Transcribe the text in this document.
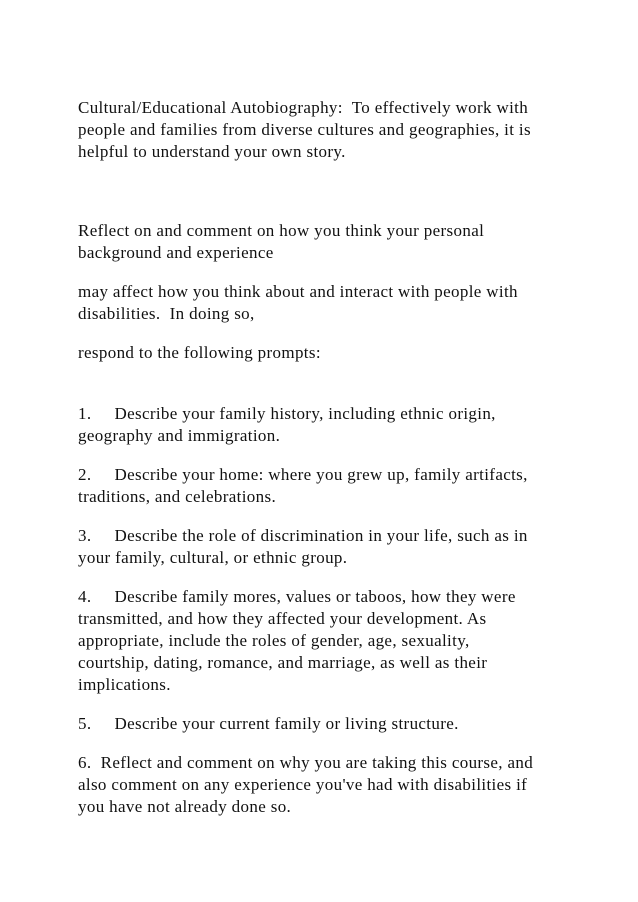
Cultural/Educational Autobiography:  To effectively work with

people and families from diverse cultures and geographies, it is

helpful to understand your own story.

Reflect on and comment on how you think your personal

background and experience

may affect how you think about and interact with people with

disabilities.  In doing so,

respond to the following prompts:

1.     Describe your family history, including ethnic origin,

geography and immigration.

2.     Describe your home: where you grew up, family artifacts,

traditions, and celebrations.

3.     Describe the role of discrimination in your life, such as in

your family, cultural, or ethnic group.

4.     Describe family mores, values or taboos, how they were

transmitted, and how they affected your development. As

appropriate, include the roles of gender, age, sexuality,

courtship, dating, romance, and marriage, as well as their

implications.

5.     Describe your current family or living structure.

6.  Reflect and comment on why you are taking this course, and

also comment on any experience you've had with disabilities if

you have not already done so.
